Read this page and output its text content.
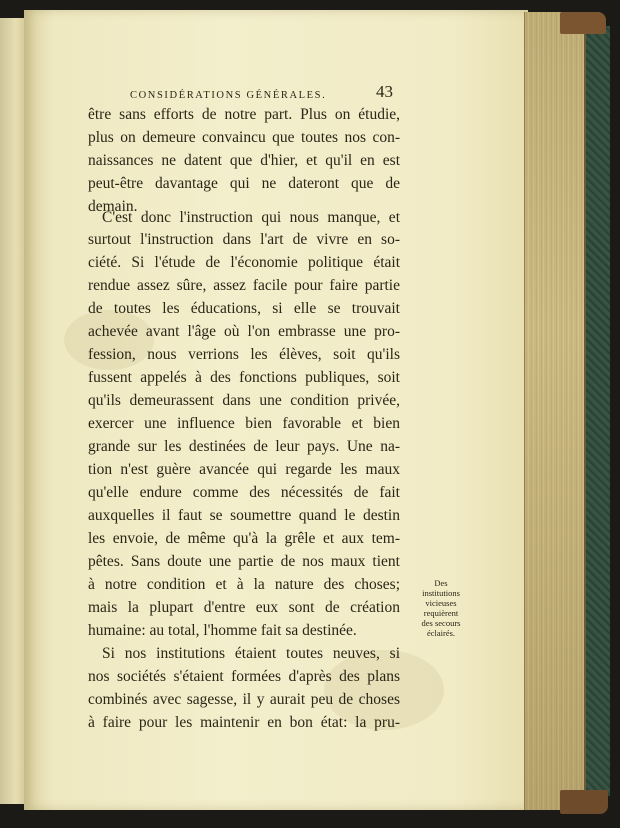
CONSIDÉRATIONS GÉNÉRALES.	43
être sans efforts de notre part. Plus on étudie,
plus on demeure convaincu que toutes nos con-
naissances ne datent que d'hier, et qu'il en est
peut-être davantage qui ne dateront que de
demain.
C'est donc l'instruction qui nous manque, et
surtout l'instruction dans l'art de vivre en so-
ciété. Si l'étude de l'économie politique était
rendue assez sûre, assez facile pour faire partie
de toutes les éducations, si elle se trouvait
achevée avant l'âge où l'on embrasse une pro-
fession, nous verrions les élèves, soit qu'ils
fussent appelés à des fonctions publiques, soit
qu'ils demeurassent dans une condition privée,
exercer une influence bien favorable et bien
grande sur les destinées de leur pays. Une na-
tion n'est guère avancée qui regarde les maux
qu'elle endure comme des nécessités de fait
auxquelles il faut se soumettre quand le destin
les envoie, de même qu'à la grêle et aux tem-
pêtes. Sans doute une partie de nos maux tient
à notre condition et à la nature des choses;
mais la plupart d'entre eux sont de création
humaine: au total, l'homme fait sa destinée.
Si nos institutions étaient toutes neuves, si
nos sociétés s'étaient formées d'après des plans
combinés avec sagesse, il y aurait peu de choses
à faire pour les maintenir en bon état: la pru-
Des
institutions
vicieuses
requièrent
des secours
éclairés.
